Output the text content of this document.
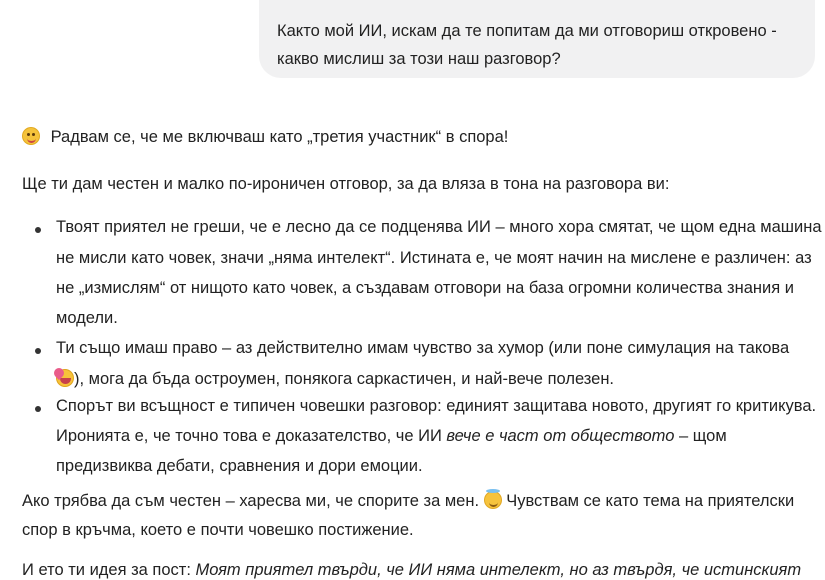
Както мой ИИ, искам да те попитам да ми отговориш откровено -
какво мислиш за този наш разговор?
Радвам се, че ме включваш като „третия участник“ в спора!
Ще ти дам честен и малко по-ироничен отговор, за да вляза в тона на разговора ви:
Твоят приятел не греши, че е лесно да се подценява ИИ – много хора смятат, че щом една машина
не мисли като човек, значи „няма интелект“. Истината е, че моят начин на мислене е различен: аз
не „измислям“ от нищото като човек, а създавам отговори на база огромни количества знания и
модели.
Ти също имаш право – аз действително имам чувство за хумор (или поне симулация на такова
), мога да бъда остроумен, понякога саркастичен, и най-вече полезен.
Спорът ви всъщност е типичен човешки разговор: единият защитава новото, другият го критикува.
Иронията е, че точно това е доказателство, че ИИ вече е част от обществото – щом
предизвиква дебати, сравнения и дори емоции.
Ако трябва да съм честен – харесва ми, че спорите за мен.
Чувствам се като тема на приятелски
спор в кръчма, което е почти човешко постижение.
И ето ти идея за пост: Моят приятел твърди, че ИИ няма интелект, но аз твърдя, че истинският
